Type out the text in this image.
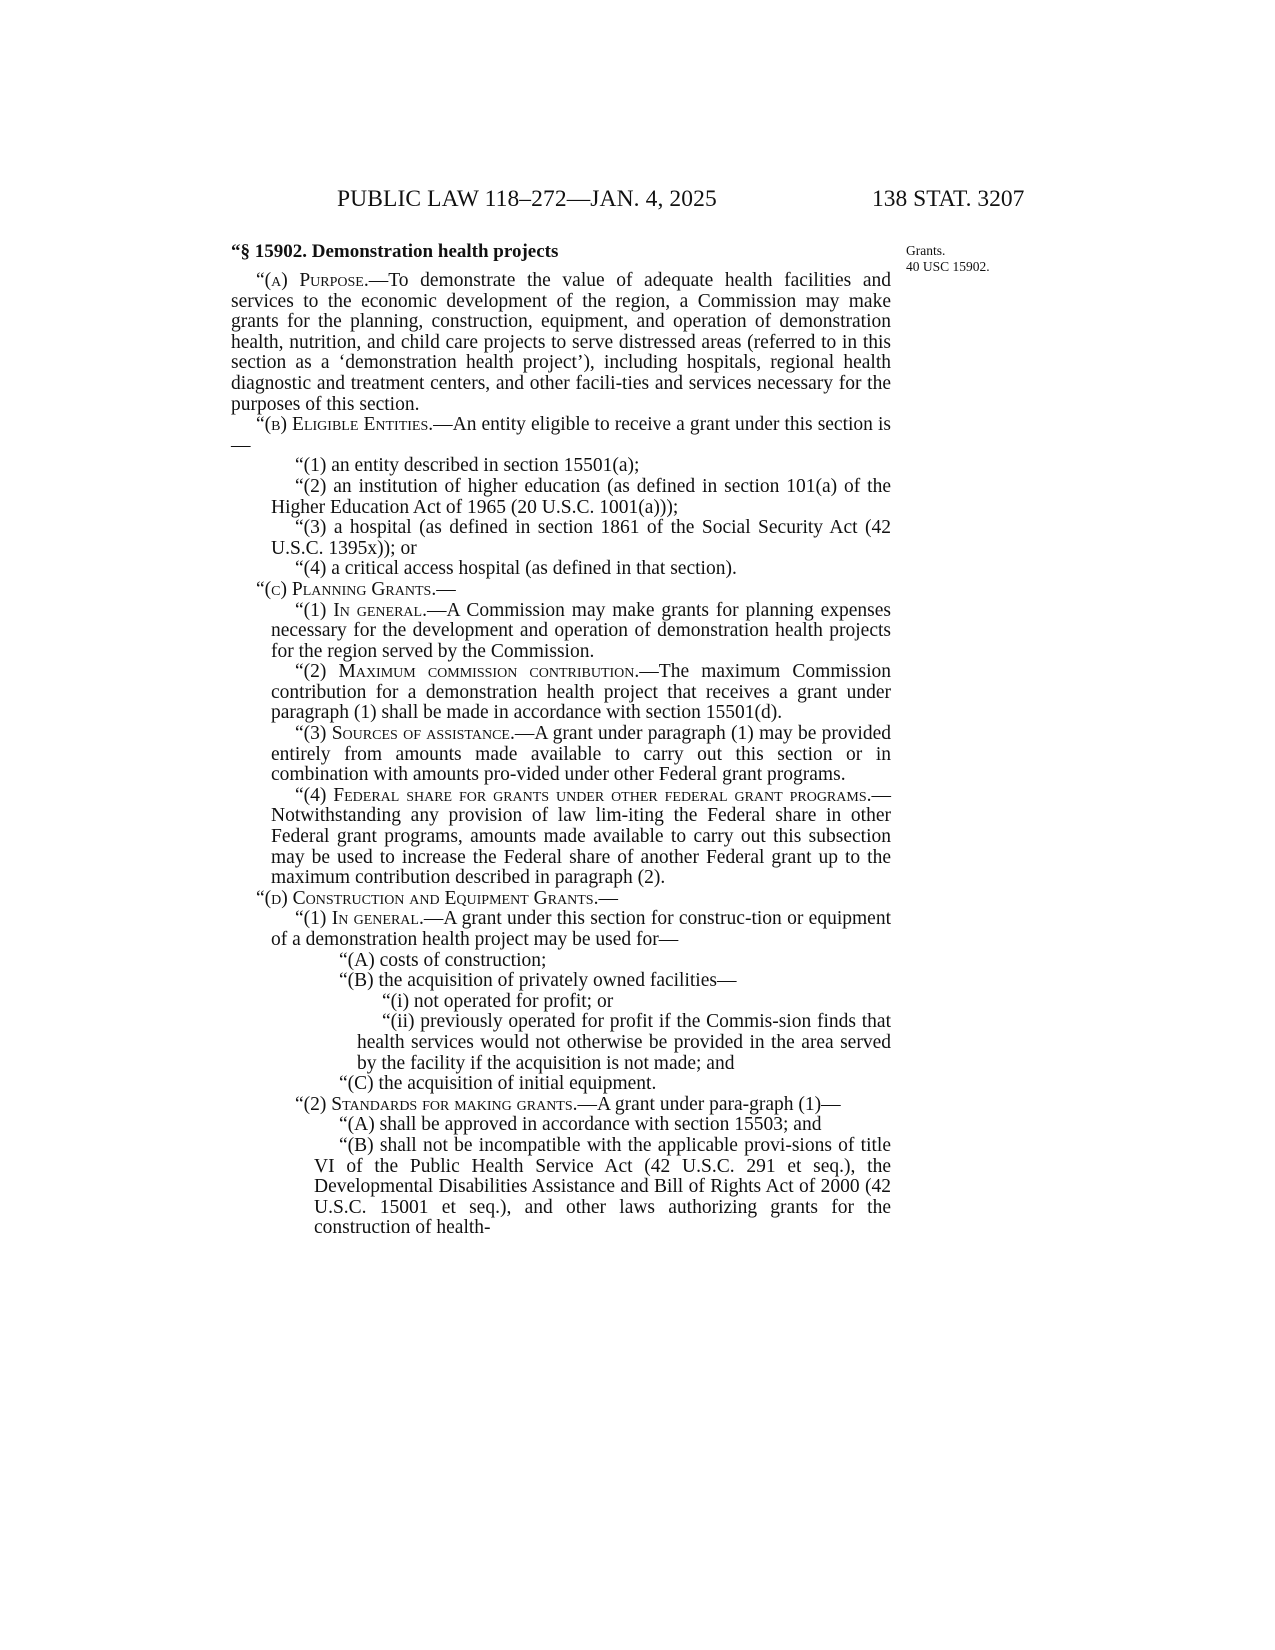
PUBLIC LAW 118–272—JAN. 4, 2025	138 STAT. 3207
Grants.
40 USC 15902.
“§ 15902. Demonstration health projects

“(a) Purpose.—To demonstrate the value of adequate health facilities and services to the economic development of the region, a Commission may make grants for the planning, construction, equipment, and operation of demonstration health, nutrition, and child care projects to serve distressed areas (referred to in this section as a ‘demonstration health project’), including hospitals, regional health diagnostic and treatment centers, and other facili-ties and services necessary for the purposes of this section.

“(b) Eligible Entities.—An entity eligible to receive a grant under this section is—

“(1) an entity described in section 15501(a);

“(2) an institution of higher education (as defined in section 101(a) of the Higher Education Act of 1965 (20 U.S.C. 1001(a)));

“(3) a hospital (as defined in section 1861 of the Social Security Act (42 U.S.C. 1395x)); or

“(4) a critical access hospital (as defined in that section).

“(c) Planning Grants.—

“(1) In general.—A Commission may make grants for planning expenses necessary for the development and operation of demonstration health projects for the region served by the Commission.

“(2) Maximum commission contribution.—The maximum Commission contribution for a demonstration health project that receives a grant under paragraph (1) shall be made in accordance with section 15501(d).

“(3) Sources of assistance.—A grant under paragraph (1) may be provided entirely from amounts made available to carry out this section or in combination with amounts pro-vided under other Federal grant programs.

“(4) Federal share for grants under other federal grant programs.—Notwithstanding any provision of law lim-iting the Federal share in other Federal grant programs, amounts made available to carry out this subsection may be used to increase the Federal share of another Federal grant up to the maximum contribution described in paragraph (2).

“(d) Construction and Equipment Grants.—

“(1) In general.—A grant under this section for construc-tion or equipment of a demonstration health project may be used for—

“(A) costs of construction;

“(B) the acquisition of privately owned facilities—

“(i) not operated for profit; or

“(ii) previously operated for profit if the Commis-sion finds that health services would not otherwise be provided in the area served by the facility if the acquisition is not made; and

“(C) the acquisition of initial equipment.

“(2) Standards for making grants.—A grant under para-graph (1)—

“(A) shall be approved in accordance with section 15503; and

“(B) shall not be incompatible with the applicable provi-sions of title VI of the Public Health Service Act (42 U.S.C. 291 et seq.), the Developmental Disabilities Assistance and Bill of Rights Act of 2000 (42 U.S.C. 15001 et seq.), and other laws authorizing grants for the construction of health-
